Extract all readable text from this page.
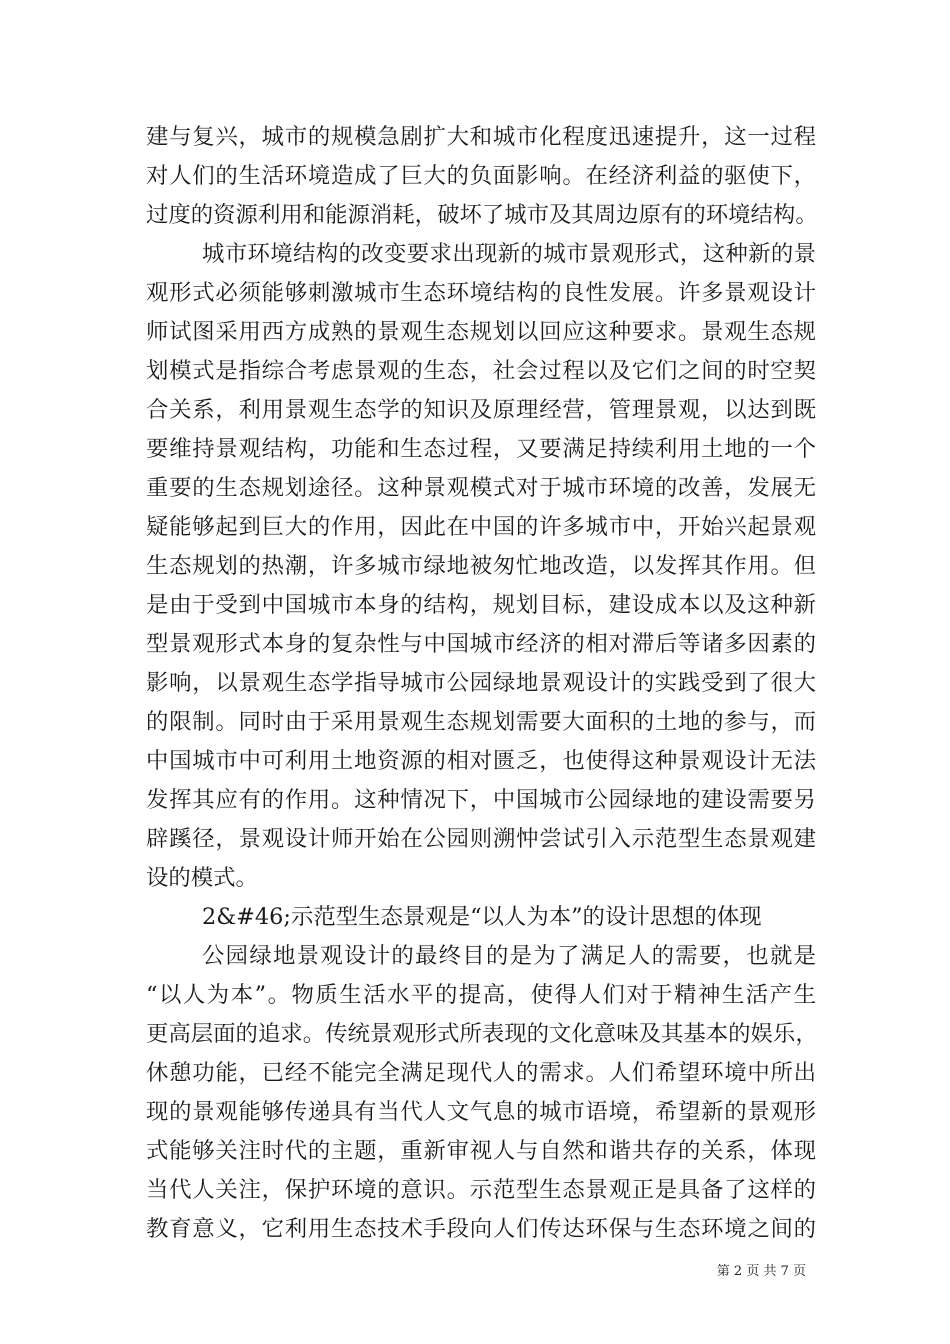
建与复兴，城市的规模急剧扩大和城市化程度迅速提升，这一过程
对人们的生活环境造成了巨大的负面影响。在经济利益的驱使下，
过度的资源利用和能源消耗，破坏了城市及其周边原有的环境结构。
城市环境结构的改变要求出现新的城市景观形式，这种新的景
观形式必须能够刺激城市生态环境结构的良性发展。许多景观设计
师试图采用西方成熟的景观生态规划以回应这种要求。景观生态规
划模式是指综合考虑景观的生态，社会过程以及它们之间的时空契
合关系，利用景观生态学的知识及原理经营，管理景观，以达到既
要维持景观结构，功能和生态过程，又要满足持续利用土地的一个
重要的生态规划途径。这种景观模式对于城市环境的改善，发展无
疑能够起到巨大的作用，因此在中国的许多城市中，开始兴起景观
生态规划的热潮，许多城市绿地被匆忙地改造，以发挥其作用。但
是由于受到中国城市本身的结构，规划目标，建设成本以及这种新
型景观形式本身的复杂性与中国城市经济的相对滞后等诸多因素的
影响，以景观生态学指导城市公园绿地景观设计的实践受到了很大
的限制。同时由于采用景观生态规划需要大面积的土地的参与，而
中国城市中可利用土地资源的相对匮乏，也使得这种景观设计无法
发挥其应有的作用。这种情况下，中国城市公园绿地的建设需要另
辟蹊径，景观设计师开始在公园则溯忡尝试引入示范型生态景观建
设的模式。
2&#46;示范型生态景观是“以人为本”的设计思想的体现
公园绿地景观设计的最终目的是为了满足人的需要，也就是
“以人为本”。物质生活水平的提高，使得人们对于精神生活产生
更高层面的追求。传统景观形式所表现的文化意味及其基本的娱乐，
休憩功能，已经不能完全满足现代人的需求。人们希望环境中所出
现的景观能够传递具有当代人文气息的城市语境，希望新的景观形
式能够关注时代的主题，重新审视人与自然和谐共存的关系，体现
当代人关注，保护环境的意识。示范型生态景观正是具备了这样的
教育意义，它利用生态技术手段向人们传达环保与生态环境之间的
第 2 页 共 7 页
